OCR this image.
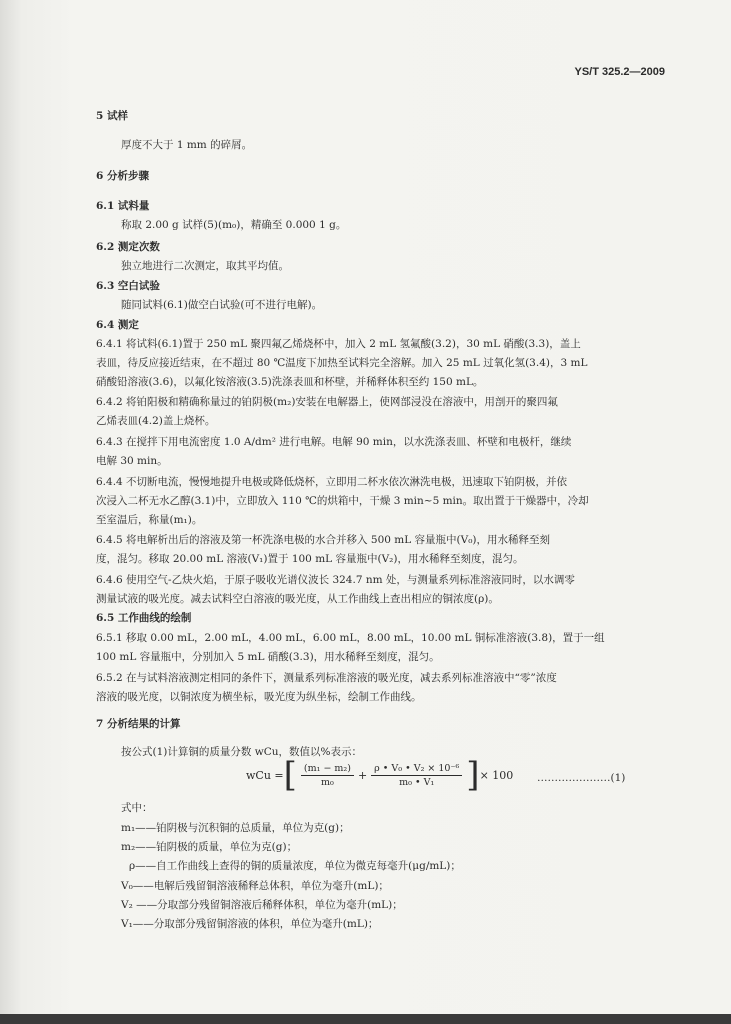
YS/T 325.2—2009
5 试样
厚度不大于 1 mm 的碎屑。
6 分析步骤
6.1 试料量
称取 2.00 g 试样(5)(m₀)，精确至 0.000 1 g。
6.2 测定次数
独立地进行二次测定，取其平均值。
6.3 空白试验
随同试料(6.1)做空白试验(可不进行电解)。
6.4 测定
6.4.1 将试料(6.1)置于 250 mL 聚四氟乙烯烧杯中，加入 2 mL 氢氟酸(3.2)，30 mL 硝酸(3.3)，盖上
表皿，待反应接近结束，在不超过 80 ℃温度下加热至试料完全溶解。加入 25 mL 过氧化氢(3.4)，3 mL
硝酸铅溶液(3.6)，以氟化铵溶液(3.5)洗涤表皿和杯壁，并稀释体积至约 150 mL。
6.4.2 将铂阳极和精确称量过的铂阴极(m₂)安装在电解器上，使网部浸没在溶液中，用剖开的聚四氟
乙烯表皿(4.2)盖上烧杯。
6.4.3 在搅拌下用电流密度 1.0 A/dm² 进行电解。电解 90 min，以水洗涤表皿、杯壁和电极杆，继续
电解 30 min。
6.4.4 不切断电流，慢慢地提升电极或降低烧杯，立即用二杯水依次淋洗电极，迅速取下铂阴极，并依
次浸入二杯无水乙醇(3.1)中，立即放入 110 ℃的烘箱中，干燥 3 min~5 min。取出置于干燥器中，冷却
至室温后，称量(m₁)。
6.4.5 将电解析出后的溶液及第一杯洗涤电极的水合并移入 500 mL 容量瓶中(V₀)，用水稀释至刻
度，混匀。移取 20.00 mL 溶液(V₁)置于 100 mL 容量瓶中(V₂)，用水稀释至刻度，混匀。
6.4.6 使用空气-乙炔火焰，于原子吸收光谱仪波长 324.7 nm 处，与测量系列标准溶液同时，以水调零
测量试液的吸光度。减去试料空白溶液的吸光度，从工作曲线上查出相应的铜浓度(ρ)。
6.5 工作曲线的绘制
6.5.1 移取 0.00 mL，2.00 mL，4.00 mL，6.00 mL，8.00 mL，10.00 mL 铜标准溶液(3.8)，置于一组
100 mL 容量瓶中，分别加入 5 mL 硝酸(3.3)，用水稀释至刻度，混匀。
6.5.2 在与试料溶液测定相同的条件下，测量系列标准溶液的吸光度，减去系列标准溶液中“零”浓度
溶液的吸光度，以铜浓度为横坐标，吸光度为纵坐标，绘制工作曲线。
7 分析结果的计算
按公式(1)计算铜的质量分数 wCu，数值以%表示：
wCu = [ $\frac{\text{(m₁ − m₂)}}{\text{m₀}} + \frac{\text{ρ • V₀ • V₂ × 10⁻⁶}}{\text{m₀ • V₁}}$ ] × 100 …………………(1)
式中：
m₁——铂阴极与沉积铜的总质量，单位为克(g)；
m₂——铂阴极的质量，单位为克(g)；
ρ——自工作曲线上查得的铜的质量浓度，单位为微克每毫升(μg/mL)；
V₀——电解后残留铜溶液稀释总体积，单位为毫升(mL)；
V₂ ——分取部分残留铜溶液后稀释体积，单位为毫升(mL)；
V₁——分取部分残留铜溶液的体积，单位为毫升(mL)；
